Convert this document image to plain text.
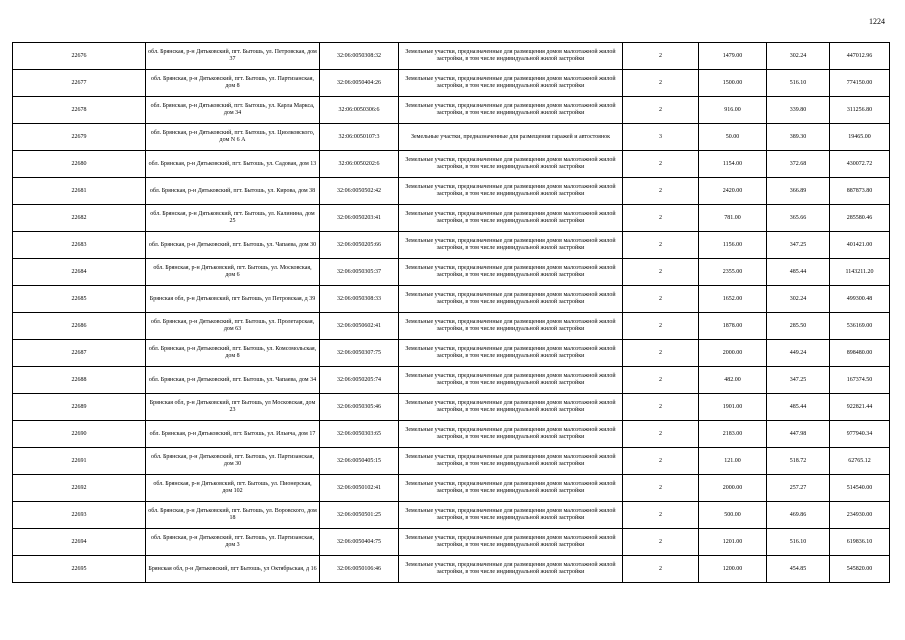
1224
22676	обл. Брянская, р-н Дятьковский, пгт. Бытошь, ул. Петровская, дом 37	32:06:0050308:32	Земельные участки, предназначенные для размещения домов малоэтажной жилой застройки, в том числе индивидуальной жилой застройки	2	1479.00	302.24	447012.96
22677	обл. Брянская, р-н Дятьковский, пгт. Бытошь, ул. Партизанская, дом 8	32:06:0050404:26	Земельные участки, предназначенные для размещения домов малоэтажной жилой застройки, в том числе индивидуальной жилой застройки	2	1500.00	516.10	774150.00
22678	обл. Брянская, р-н Дятьковский, пгт. Бытошь, ул. Карла Маркса, дом 34	32:06:0050306:6	Земельные участки, предназначенные для размещения домов малоэтажной жилой застройки, в том числе индивидуальной жилой застройки	2	916.00	339.80	311256.80
22679	обл. Брянская, р-н Дятьковский, пгт. Бытошь, ул. Циолковского, дом N 6 А	32:06:0050107:3	Земельные участки, предназначенные для размещения гаражей и автостоянок	3	50.00	389.30	19465.00
22680	обл. Брянская, р-н Дятьковский, пгт. Бытошь, ул. Садовая, дом 13	32:06:0050202:6	Земельные участки, предназначенные для размещения домов малоэтажной жилой застройки, в том числе индивидуальной жилой застройки	2	1154.00	372.68	430072.72
22681	обл. Брянская, р-н Дятьковский, пгт. Бытошь, ул. Кирова, дом 38	32:06:0050502:42	Земельные участки, предназначенные для размещения домов малоэтажной жилой застройки, в том числе индивидуальной жилой застройки	2	2420.00	366.89	887873.80
22682	обл. Брянская, р-н Дятьковский, пгт. Бытошь, ул. Калинина, дом 25	32:06:0050203:41	Земельные участки, предназначенные для размещения домов малоэтажной жилой застройки, в том числе индивидуальной жилой застройки	2	781.00	365.66	285580.46
22683	обл. Брянская, р-н Дятьковский, пгт. Бытошь, ул. Чапаева, дом 30	32:06:0050205:66	Земельные участки, предназначенные для размещения домов малоэтажной жилой застройки, в том числе индивидуальной жилой застройки	2	1156.00	347.25	401421.00
22684	обл. Брянская, р-н Дятьковский, пгт. Бытошь, ул. Московская, дом 6	32:06:0050305:37	Земельные участки, предназначенные для размещения домов малоэтажной жилой застройки, в том числе индивидуальной жилой застройки	2	2355.00	485.44	1143211.20
22685	Брянская обл, р-н Дятьковский, пгт Бытошь, ул Петровская, д 39	32:06:0050308:33	Земельные участки, предназначенные для размещения домов малоэтажной жилой застройки, в том числе индивидуальной жилой застройки	2	1652.00	302.24	499300.48
22686	обл. Брянская, р-н Дятьковский, пгт. Бытошь, ул. Пролетарская, дом 63	32:06:0050602:41	Земельные участки, предназначенные для размещения домов малоэтажной жилой застройки, в том числе индивидуальной жилой застройки	2	1878.00	285.50	536169.00
22687	обл. Брянская, р-н Дятьковский, пгт. Бытошь, ул. Комсомольская, дом 8	32:06:0050307:75	Земельные участки, предназначенные для размещения домов малоэтажной жилой застройки, в том числе индивидуальной жилой застройки	2	2000.00	449.24	898480.00
22688	обл. Брянская, р-н Дятьковский, пгт. Бытошь, ул. Чапаева, дом 34	32:06:0050205:74	Земельные участки, предназначенные для размещения домов малоэтажной жилой застройки, в том числе индивидуальной жилой застройки	2	482.00	347.25	167374.50
22689	Брянская обл, р-н Дятьковский, пгт Бытошь, ул Московская, дом 23	32:06:0050305:46	Земельные участки, предназначенные для размещения домов малоэтажной жилой застройки, в том числе индивидуальной жилой застройки	2	1901.00	485.44	922821.44
22690	обл. Брянская, р-н Дятьковский, пгт. Бытошь, ул. Ильича, дом 17	32:06:0050303:65	Земельные участки, предназначенные для размещения домов малоэтажной жилой застройки, в том числе индивидуальной жилой застройки	2	2183.00	447.98	977940.34
22691	обл. Брянская, р-н Дятьковский, пгт. Бытошь, ул. Партизанская, дом 30	32:06:0050405:15	Земельные участки, предназначенные для размещения домов малоэтажной жилой застройки, в том числе индивидуальной жилой застройки	2	121.00	518.72	62765.12
22692	обл. Брянская, р-н Дятьковский, пгт. Бытошь, ул. Пионерская, дом 102	32:06:0050102:41	Земельные участки, предназначенные для размещения домов малоэтажной жилой застройки, в том числе индивидуальной жилой застройки	2	2000.00	257.27	514540.00
22693	обл. Брянская, р-н Дятьковский, пгт. Бытошь, ул. Воровского, дом 18	32:06:0050501:25	Земельные участки, предназначенные для размещения домов малоэтажной жилой застройки, в том числе индивидуальной жилой застройки	2	500.00	469.86	234930.00
22694	обл. Брянская, р-н Дятьковский, пгт. Бытошь, ул. Партизанская, дом 3	32:06:0050404:75	Земельные участки, предназначенные для размещения домов малоэтажной жилой застройки, в том числе индивидуальной жилой застройки	2	1201.00	516.10	619836.10
22695	Брянская обл, р-н Дятьковский, пгт Бытошь, ул Октябрьская, д 16	32:06:0050106:46	Земельные участки, предназначенные для размещения домов малоэтажной жилой застройки, в том числе индивидуальной жилой застройки	2	1200.00	454.85	545820.00
